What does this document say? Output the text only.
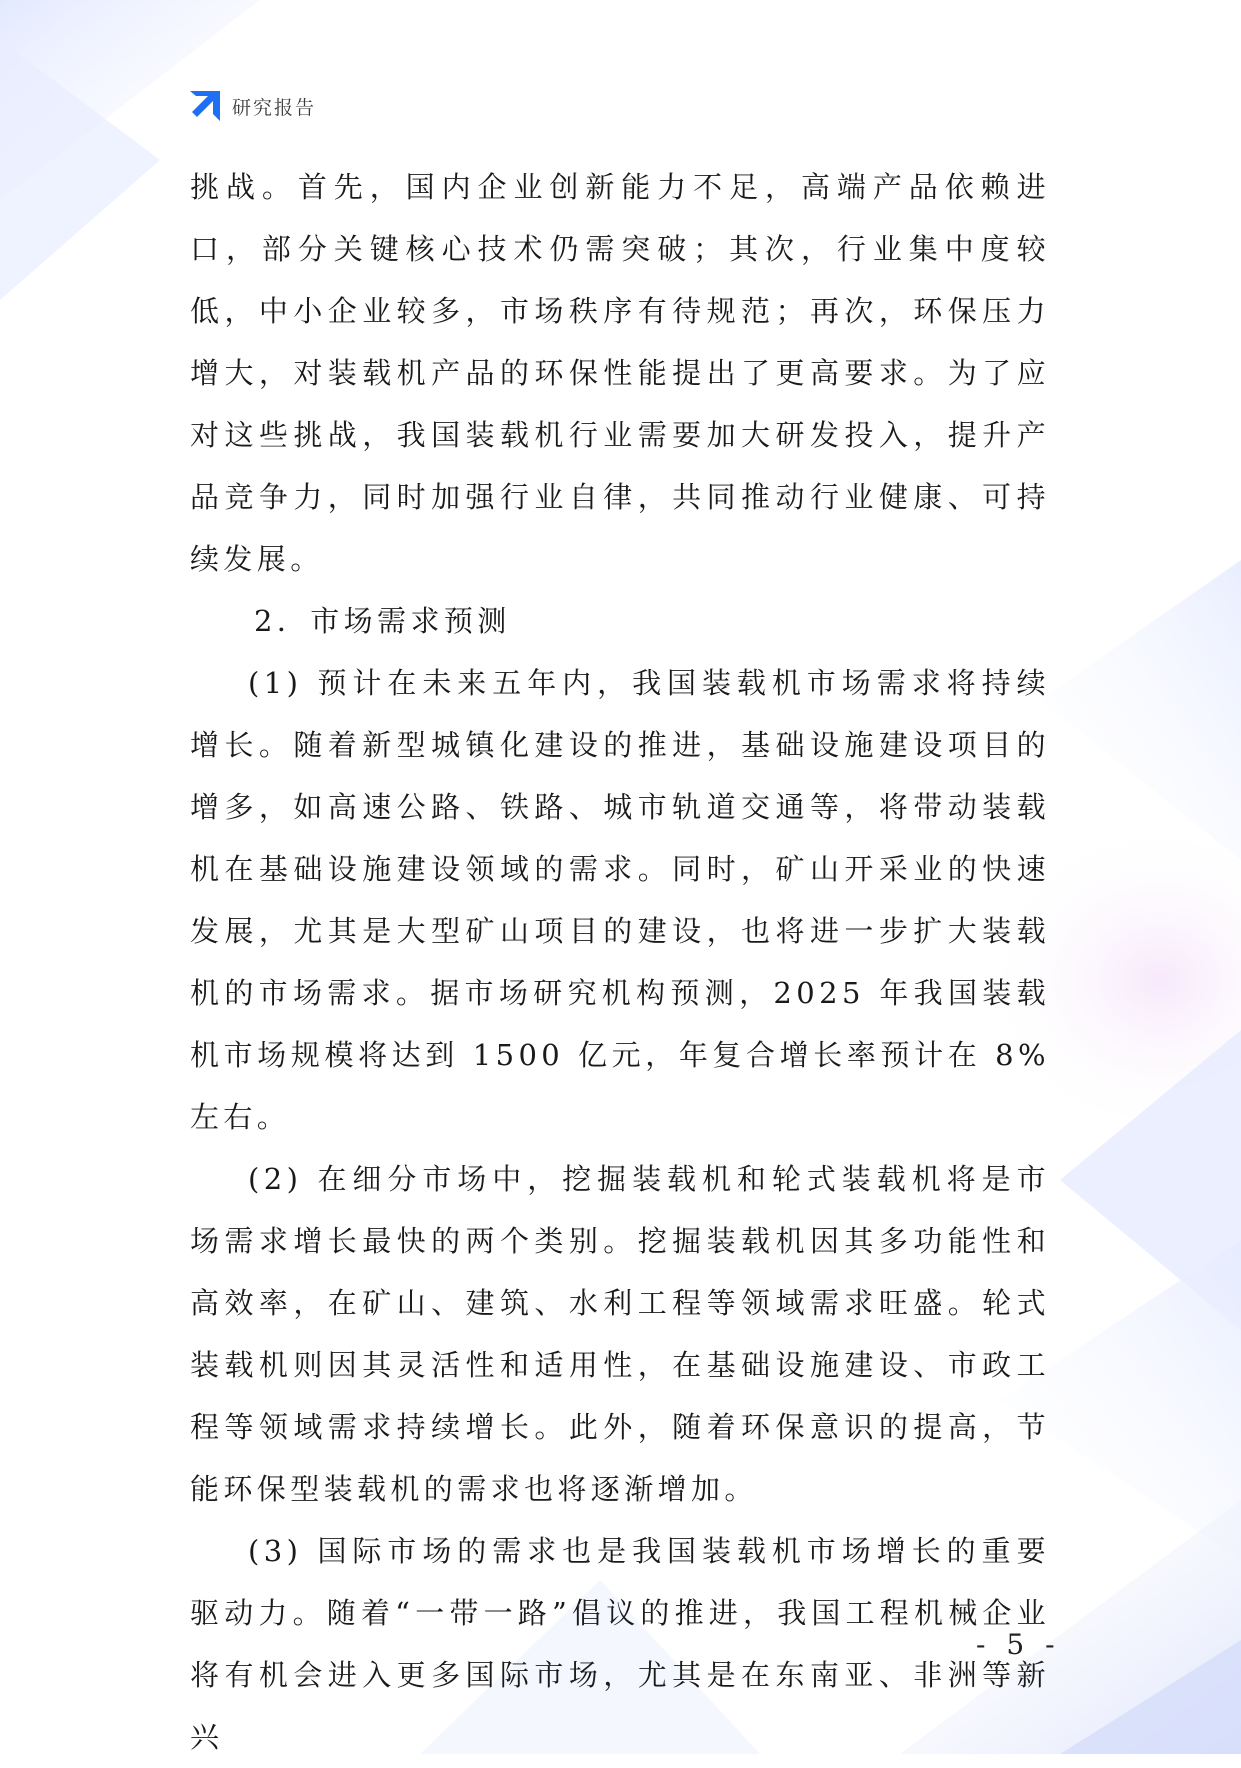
研究报告

挑战。首先，国内企业创新能力不足，高端产品依赖进口，部分关键核心技术仍需突破；其次，行业集中度较低，中小企业较多，市场秩序有待规范；再次，环保压力增大，对装载机产品的环保性能提出了更高要求。为了应对这些挑战，我国装载机行业需要加大研发投入，提升产品竞争力，同时加强行业自律，共同推动行业健康、可持续发展。

2．市场需求预测

(1) 预计在未来五年内，我国装载机市场需求将持续增长。随着新型城镇化建设的推进，基础设施建设项目的增多，如高速公路、铁路、城市轨道交通等，将带动装载机在基础设施建设领域的需求。同时，矿山开采业的快速发展，尤其是大型矿山项目的建设，也将进一步扩大装载机的市场需求。据市场研究机构预测，2025 年我国装载机市场规模将达到 1500 亿元，年复合增长率预计在 8%左右。

(2) 在细分市场中，挖掘装载机和轮式装载机将是市场需求增长最快的两个类别。挖掘装载机因其多功能性和高效率，在矿山、建筑、水利工程等领域需求旺盛。轮式装载机则因其灵活性和适用性，在基础设施建设、市政工程等领域需求持续增长。此外，随着环保意识的提高，节能环保型装载机的需求也将逐渐增加。

(3) 国际市场的需求也是我国装载机市场增长的重要驱动力。随着“一带一路”倡议的推进，我国工程机械企业将有机会进入更多国际市场，尤其是在东南亚、非洲等新兴

- 5 -
